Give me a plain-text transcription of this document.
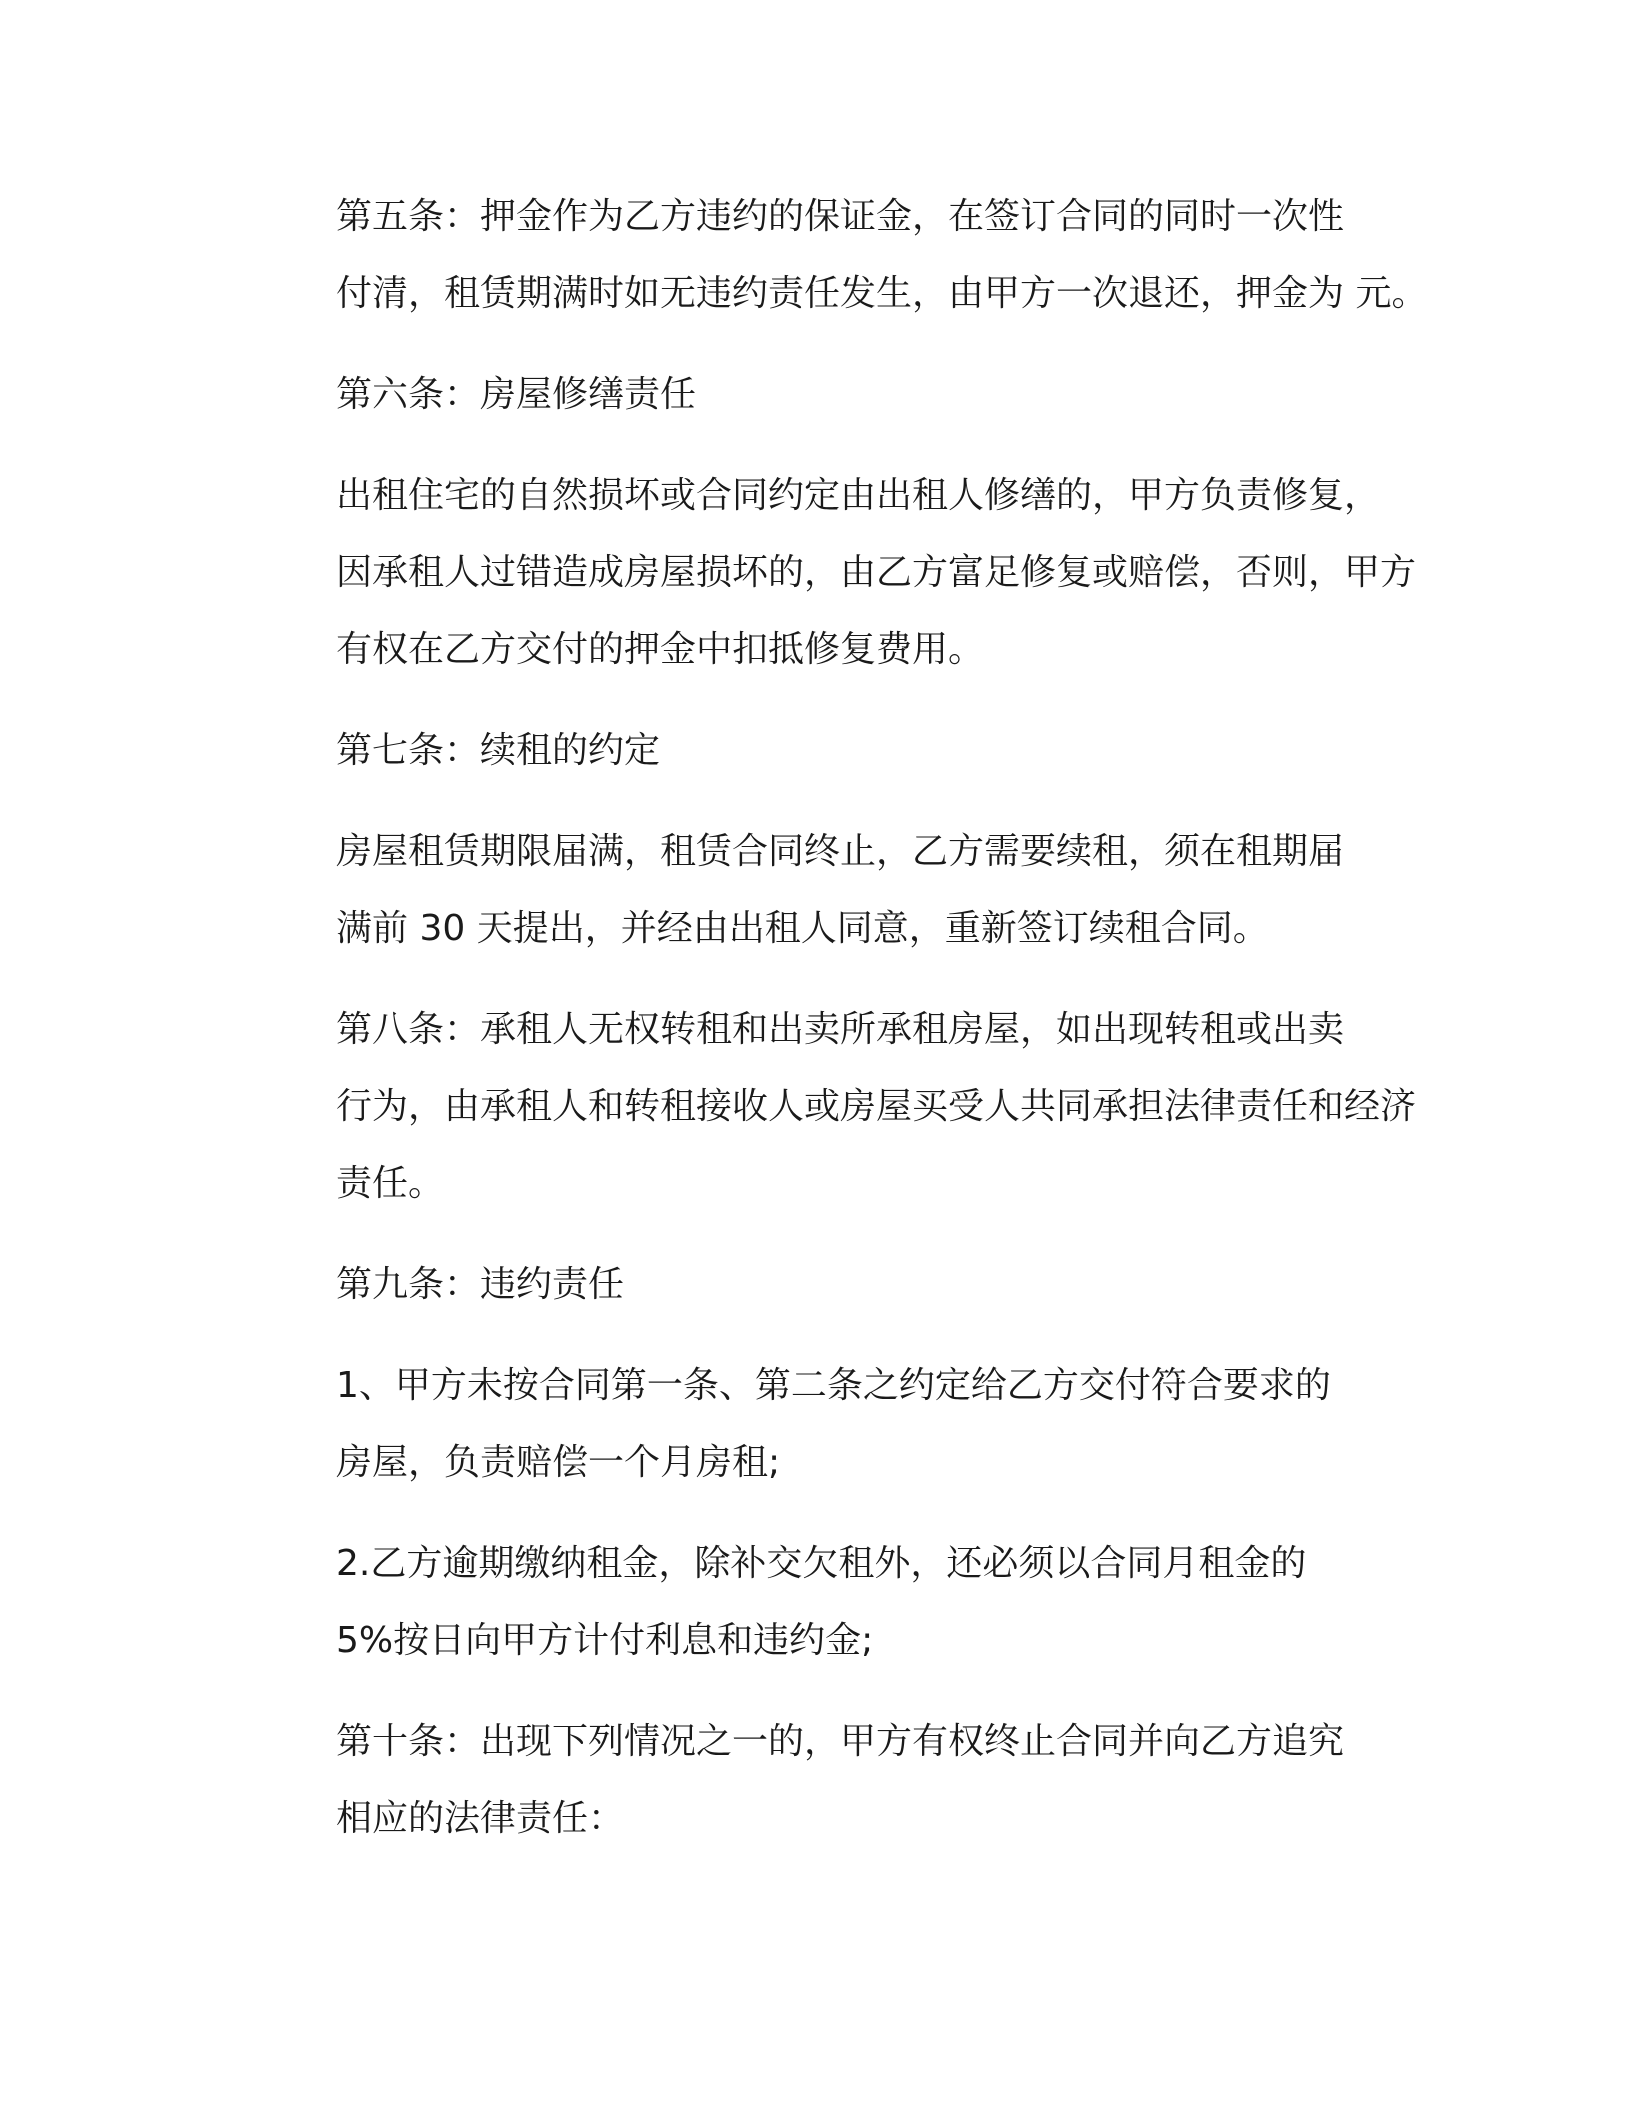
第五条：押金作为乙方违约的保证金，在签订合同的同时一次性
付清，租赁期满时如无违约责任发生，由甲方一次退还，押金为 元。

第六条：房屋修缮责任

出租住宅的自然损坏或合同约定由出租人修缮的，甲方负责修复，
因承租人过错造成房屋损坏的，由乙方富足修复或赔偿，否则，甲方
有权在乙方交付的押金中扣抵修复费用。

第七条：续租的约定

房屋租赁期限届满，租赁合同终止，乙方需要续租，须在租期届
满前 30 天提出，并经由出租人同意，重新签订续租合同。

第八条：承租人无权转租和出卖所承租房屋，如出现转租或出卖
行为，由承租人和转租接收人或房屋买受人共同承担法律责任和经济
责任。

第九条：违约责任

1、甲方未按合同第一条、第二条之约定给乙方交付符合要求的
房屋，负责赔偿一个月房租;

2.乙方逾期缴纳租金，除补交欠租外，还必须以合同月租金的
5%按日向甲方计付利息和违约金;

第十条：出现下列情况之一的，甲方有权终止合同并向乙方追究
相应的法律责任：
